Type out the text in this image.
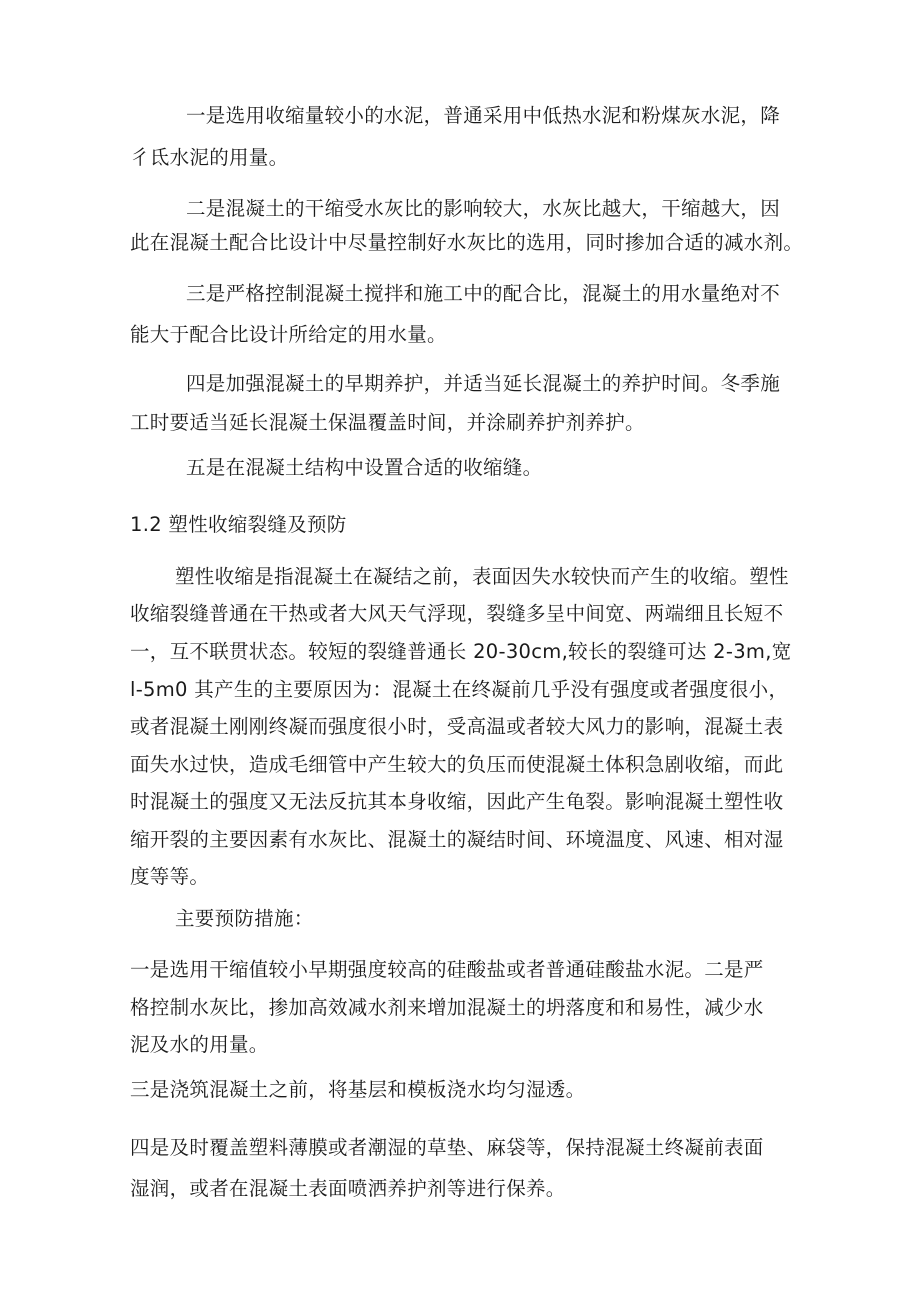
一是选用收缩量较小的水泥，普通采用中低热水泥和粉煤灰水泥，降
彳氐水泥的用量。
二是混凝土的干缩受水灰比的影响较大，水灰比越大，干缩越大，因
此在混凝土配合比设计中尽量控制好水灰比的选用，同时掺加合适的减水剂。
三是严格控制混凝土搅拌和施工中的配合比，混凝土的用水量绝对不
能大于配合比设计所给定的用水量。
四是加强混凝土的早期养护，并适当延长混凝土的养护时间。冬季施
工时要适当延长混凝土保温覆盖时间，并涂刷养护剂养护。
五是在混凝土结构中设置合适的收缩缝。
1.2 塑性收缩裂缝及预防
塑性收缩是指混凝土在凝结之前，表面因失水较快而产生的收缩。塑性
收缩裂缝普通在干热或者大风天气浮现，裂缝多呈中间宽、两端细且长短不
一，互不联贯状态。较短的裂缝普通长 20-30cm,较长的裂缝可达 2-3m,宽
l-5m0 其产生的主要原因为：混凝土在终凝前几乎没有强度或者强度很小，
或者混凝土刚刚终凝而强度很小时，受高温或者较大风力的影响，混凝土表
面失水过快，造成毛细管中产生较大的负压而使混凝土体积急剧收缩，而此
时混凝土的强度又无法反抗其本身收缩，因此产生龟裂。影响混凝土塑性收
缩开裂的主要因素有水灰比、混凝土的凝结时间、环境温度、风速、相对湿
度等等。
主要预防措施：
一是选用干缩值较小早期强度较高的硅酸盐或者普通硅酸盐水泥。二是严
格控制水灰比，掺加高效减水剂来增加混凝土的坍落度和和易性，减少水
泥及水的用量。
三是浇筑混凝土之前，将基层和模板浇水均匀湿透。
四是及时覆盖塑料薄膜或者潮湿的草垫、麻袋等，保持混凝土终凝前表面
湿润，或者在混凝土表面喷洒养护剂等进行保养。
